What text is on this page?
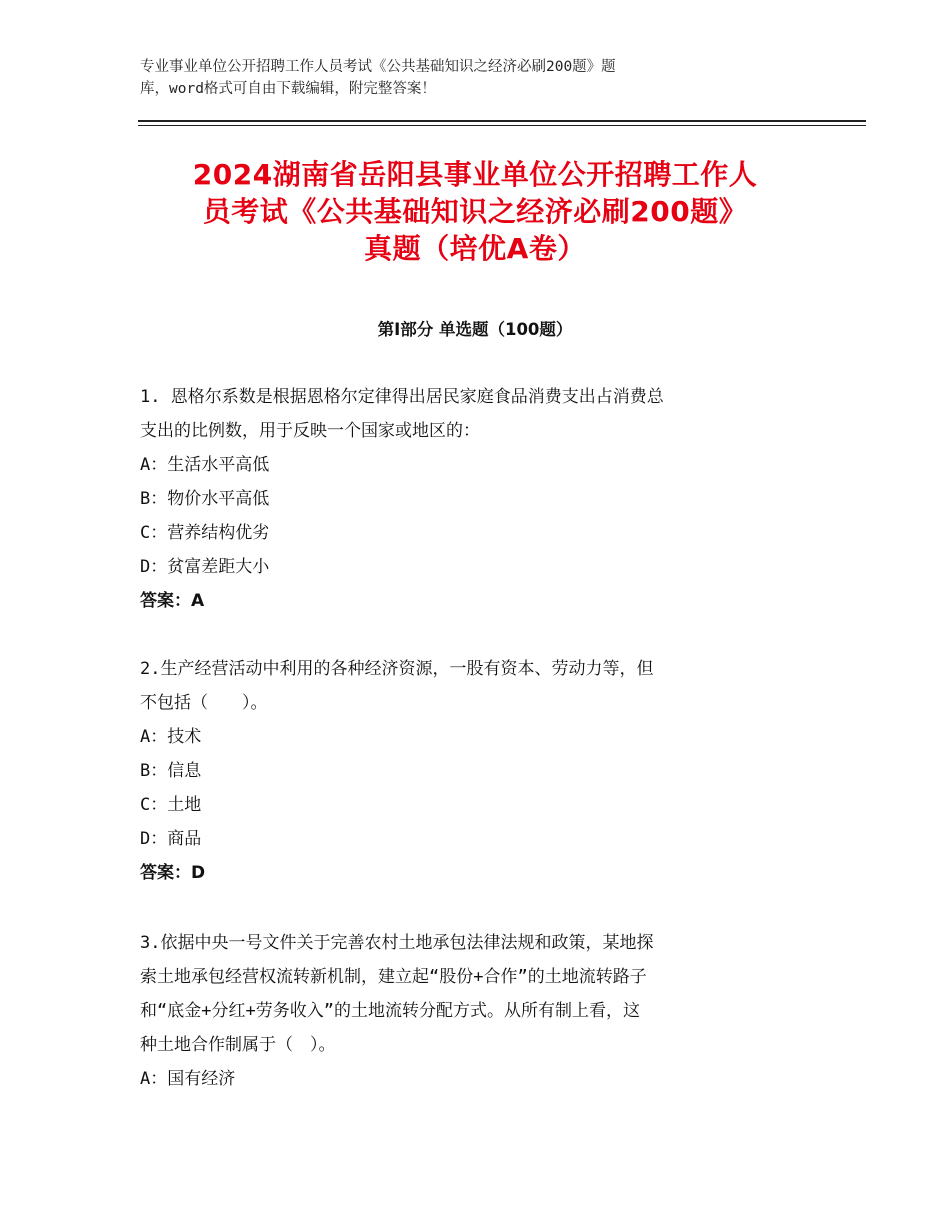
专业事业单位公开招聘工作人员考试《公共基础知识之经济必刷200题》题
库，word格式可自由下载编辑，附完整答案！
2024湖南省岳阳县事业单位公开招聘工作人
员考试《公共基础知识之经济必刷200题》
真题（培优A卷）
第I部分 单选题（100题）
1. 恩格尔系数是根据恩格尔定律得出居民家庭食品消费支出占消费总
支出的比例数，用于反映一个国家或地区的：
A：生活水平高低
B：物价水平高低
C：营养结构优劣
D：贫富差距大小
答案：A
2.生产经营活动中利用的各种经济资源，一股有资本、劳动力等，但
不包括（　　）。
A：技术
B：信息
C：土地
D：商品
答案：D
3.依据中央一号文件关于完善农村土地承包法律法规和政策，某地探
索土地承包经营权流转新机制，建立起“股份+合作”的土地流转路子
和“底金+分红+劳务收入”的土地流转分配方式。从所有制上看，这
种土地合作制属于（　）。
A：国有经济
